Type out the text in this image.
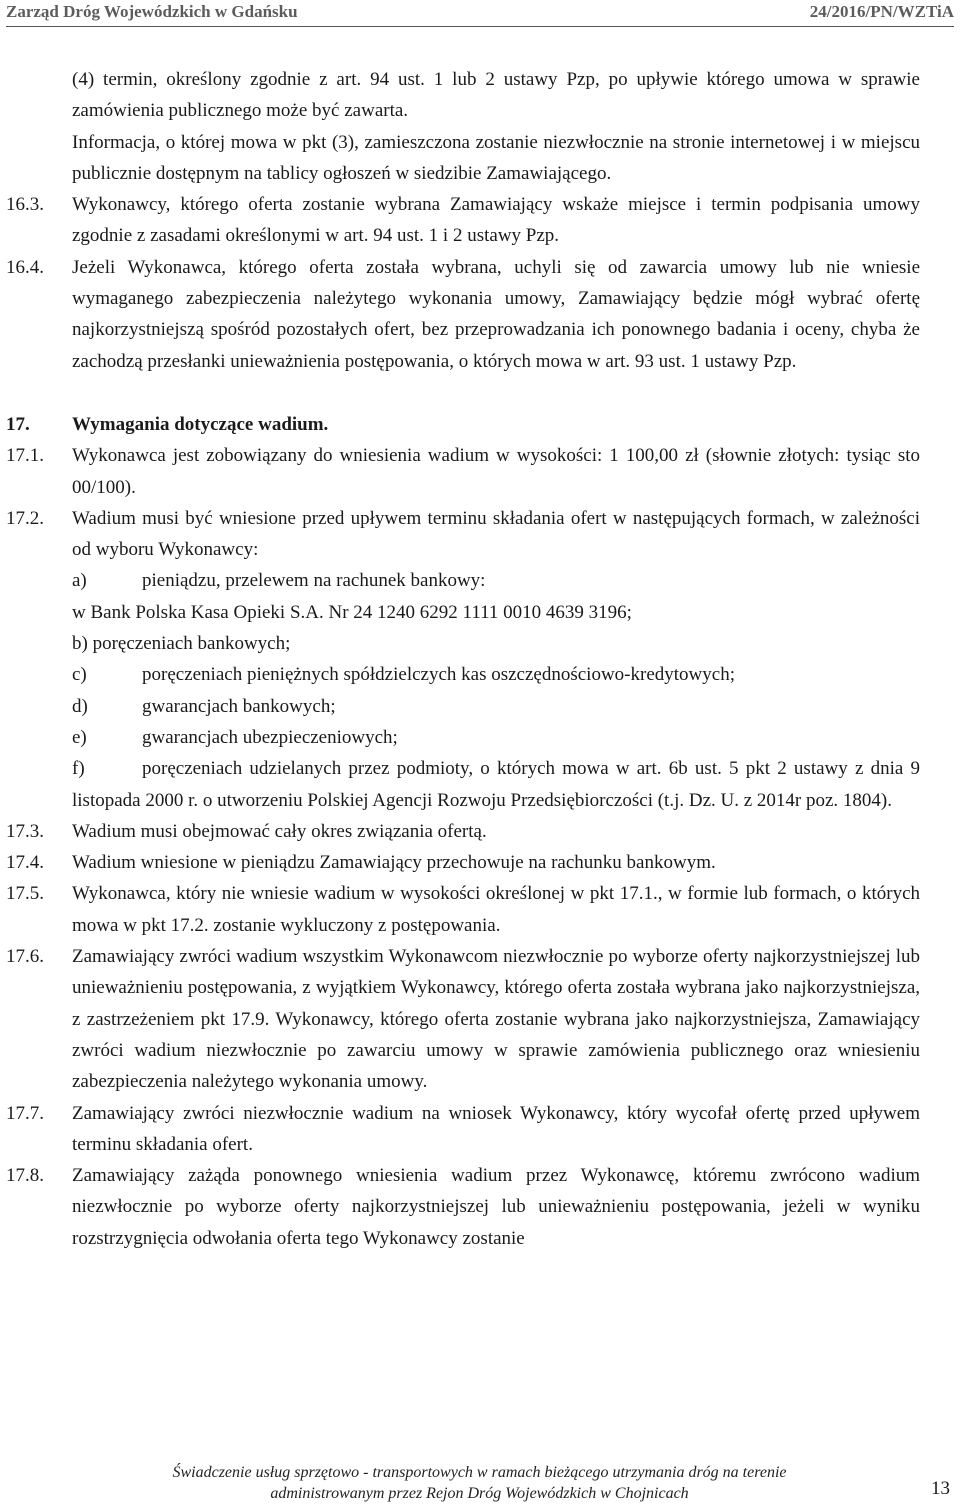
Zarząd Dróg Wojewódzkich w Gdańsku	24/2016/PN/WZTiA
(4) termin, określony zgodnie z art. 94 ust. 1 lub 2 ustawy Pzp, po upływie którego umowa w sprawie zamówienia publicznego może być zawarta.
Informacja, o której mowa w pkt (3), zamieszczona zostanie niezwłocznie na stronie internetowej i w miejscu publicznie dostępnym na tablicy ogłoszeń w siedzibie Zamawiającego.
16.3. Wykonawcy, którego oferta zostanie wybrana Zamawiający wskaże miejsce i termin podpisania umowy zgodnie z zasadami określonymi w art. 94 ust. 1 i 2 ustawy Pzp.
16.4. Jeżeli Wykonawca, którego oferta została wybrana, uchyli się od zawarcia umowy lub nie wniesie wymaganego zabezpieczenia należytego wykonania umowy, Zamawiający będzie mógł wybrać ofertę najkorzystniejszą spośród pozostałych ofert, bez przeprowadzania ich ponownego badania i oceny, chyba że zachodzą przesłanki unieważnienia postępowania, o których mowa w art. 93 ust. 1 ustawy Pzp.
17. Wymagania dotyczące wadium.
17.1. Wykonawca jest zobowiązany do wniesienia wadium w wysokości: 1 100,00 zł (słownie złotych: tysiąc sto 00/100).
17.2. Wadium musi być wniesione przed upływem terminu składania ofert w następujących formach, w zależności od wyboru Wykonawcy:
a)	pieniądzu, przelewem na rachunek bankowy:
w Bank Polska Kasa Opieki S.A. Nr 24 1240 6292 1111 0010 4639 3196;
b) poręczeniach bankowych;
c)	poręczeniach pieniężnych spółdzielczych kas oszczędnościowo-kredytowych;
d)	gwarancjach bankowych;
e)	gwarancjach ubezpieczeniowych;
f)	poręczeniach udzielanych przez podmioty, o których mowa w art. 6b ust. 5 pkt 2 ustawy z dnia 9 listopada 2000 r. o utworzeniu Polskiej Agencji Rozwoju Przedsiębiorczości (t.j. Dz. U. z 2014r poz. 1804).
17.3. Wadium musi obejmować cały okres związania ofertą.
17.4. Wadium wniesione w pieniądzu Zamawiający przechowuje na rachunku bankowym.
17.5. Wykonawca, który nie wniesie wadium w wysokości określonej w pkt 17.1., w formie lub formach, o których mowa w pkt 17.2. zostanie wykluczony z postępowania.
17.6. Zamawiający zwróci wadium wszystkim Wykonawcom niezwłocznie po wyborze oferty najkorzystniejszej lub unieważnieniu postępowania, z wyjątkiem Wykonawcy, którego oferta została wybrana jako najkorzystniejsza, z zastrzeżeniem pkt 17.9. Wykonawcy, którego oferta zostanie wybrana jako najkorzystniejsza, Zamawiający zwróci wadium niezwłocznie po zawarciu umowy w sprawie zamówienia publicznego oraz wniesieniu zabezpieczenia należytego wykonania umowy.
17.7. Zamawiający zwróci niezwłocznie wadium na wniosek Wykonawcy, który wycofał ofertę przed upływem terminu składania ofert.
17.8. Zamawiający zażąda ponownego wniesienia wadium przez Wykonawcę, któremu zwrócono wadium niezwłocznie po wyborze oferty najkorzystniejszej lub unieważnieniu postępowania, jeżeli w wyniku rozstrzygnięcia odwołania oferta tego Wykonawcy zostanie
Świadczenie usług sprzętowo - transportowych w ramach bieżącego utrzymania dróg na terenie
administrowanym przez Rejon Dróg Wojewódzkich w Chojnicach	13
